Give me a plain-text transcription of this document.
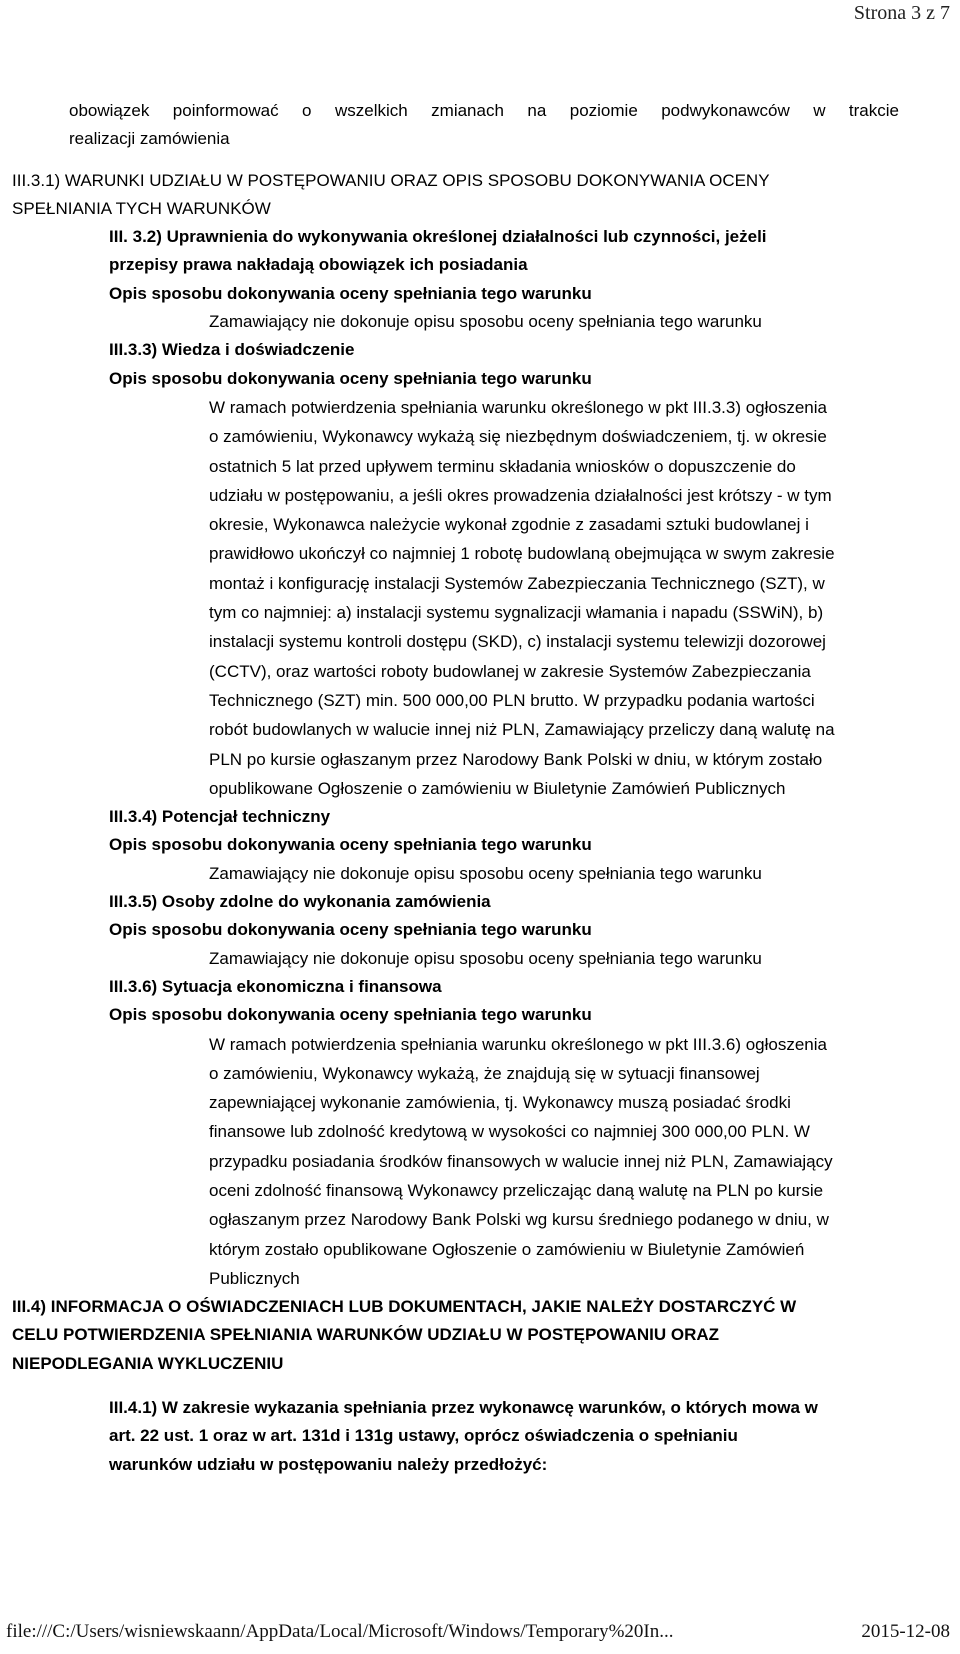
Strona 3 z 7
obowiązek poinformować o wszelkich zmianach na poziomie podwykonawców w trakcie
realizacji zamówienia
III.3.1) WARUNKI UDZIAŁU W POSTĘPOWANIU ORAZ OPIS SPOSOBU DOKONYWANIA OCENY
SPEŁNIANIA TYCH WARUNKÓW
III. 3.2) Uprawnienia do wykonywania określonej działalności lub czynności, jeżeli
przepisy prawa nakładają obowiązek ich posiadania
Opis sposobu dokonywania oceny spełniania tego warunku
Zamawiający nie dokonuje opisu sposobu oceny spełniania tego warunku
III.3.3) Wiedza i doświadczenie
Opis sposobu dokonywania oceny spełniania tego warunku
W ramach potwierdzenia spełniania warunku określonego w pkt III.3.3) ogłoszenia
o zamówieniu, Wykonawcy wykażą się niezbędnym doświadczeniem, tj. w okresie
ostatnich 5 lat przed upływem terminu składania wniosków o dopuszczenie do
udziału w postępowaniu, a jeśli okres prowadzenia działalności jest krótszy - w tym
okresie, Wykonawca należycie wykonał zgodnie z zasadami sztuki budowlanej i
prawidłowo ukończył co najmniej 1 robotę budowlaną obejmująca w swym zakresie
montaż i konfigurację instalacji Systemów Zabezpieczania Technicznego (SZT), w
tym co najmniej: a) instalacji systemu sygnalizacji włamania i napadu (SSWiN), b)
instalacji systemu kontroli dostępu (SKD), c) instalacji systemu telewizji dozorowej
(CCTV), oraz wartości roboty budowlanej w zakresie Systemów Zabezpieczania
Technicznego (SZT) min. 500 000,00 PLN brutto. W przypadku podania wartości
robót budowlanych w walucie innej niż PLN, Zamawiający przeliczy daną walutę na
PLN po kursie ogłaszanym przez Narodowy Bank Polski w dniu, w którym zostało
opublikowane Ogłoszenie o zamówieniu w Biuletynie Zamówień Publicznych
III.3.4) Potencjał techniczny
Opis sposobu dokonywania oceny spełniania tego warunku
Zamawiający nie dokonuje opisu sposobu oceny spełniania tego warunku
III.3.5) Osoby zdolne do wykonania zamówienia
Opis sposobu dokonywania oceny spełniania tego warunku
Zamawiający nie dokonuje opisu sposobu oceny spełniania tego warunku
III.3.6) Sytuacja ekonomiczna i finansowa
Opis sposobu dokonywania oceny spełniania tego warunku
W ramach potwierdzenia spełniania warunku określonego w pkt III.3.6) ogłoszenia
o zamówieniu, Wykonawcy wykażą, że znajdują się w sytuacji finansowej
zapewniającej wykonanie zamówienia, tj. Wykonawcy muszą posiadać środki
finansowe lub zdolność kredytową w wysokości co najmniej 300 000,00 PLN. W
przypadku posiadania środków finansowych w walucie innej niż PLN, Zamawiający
oceni zdolność finansową Wykonawcy przeliczając daną walutę na PLN po kursie
ogłaszanym przez Narodowy Bank Polski wg kursu średniego podanego w dniu, w
którym zostało opublikowane Ogłoszenie o zamówieniu w Biuletynie Zamówień
Publicznych
III.4) INFORMACJA O OŚWIADCZENIACH LUB DOKUMENTACH, JAKIE NALEŻY DOSTARCZYĆ W
CELU POTWIERDZENIA SPEŁNIANIA WARUNKÓW UDZIAŁU W POSTĘPOWANIU ORAZ
NIEPODLEGANIA WYKLUCZENIU
III.4.1) W zakresie wykazania spełniania przez wykonawcę warunków, o których mowa w
art. 22 ust. 1 oraz w art. 131d i 131g ustawy, oprócz oświadczenia o spełnianiu
warunków udziału w postępowaniu należy przedłożyć:
file:///C:/Users/wisniewskaann/AppData/Local/Microsoft/Windows/Temporary%20In...	2015-12-08
